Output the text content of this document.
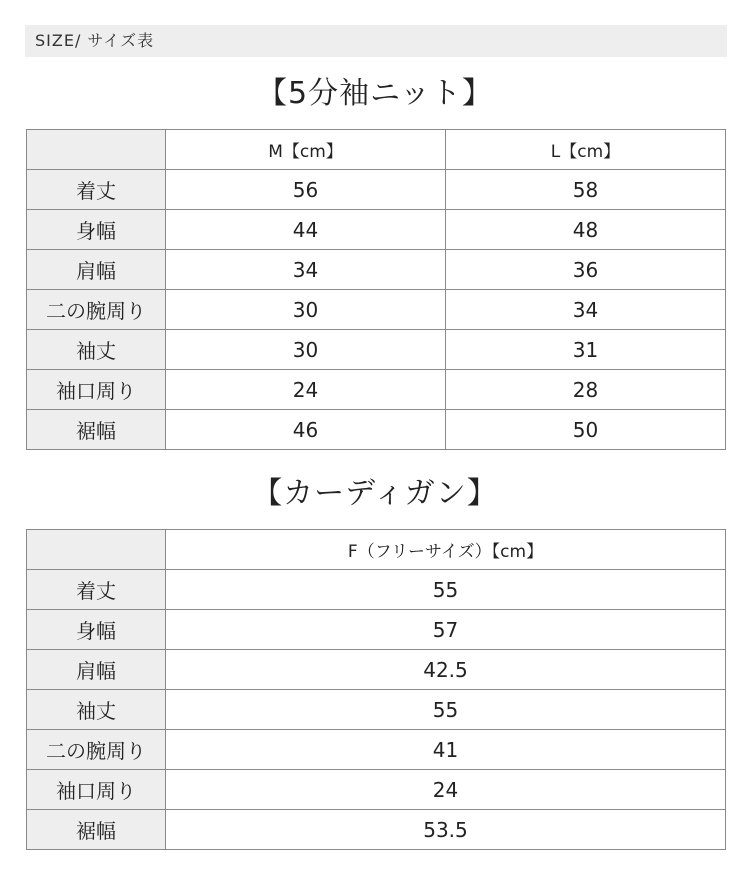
SIZE/ サイズ表
【5分袖ニット】
	M【cm】	L【cm】
着丈	56	58
身幅	44	48
肩幅	34	36
二の腕周り	30	34
袖丈	30	31
袖口周り	24	28
裾幅	46	50
【カーディガン】
	F（フリーサイズ）【cm】
着丈	55
身幅	57
肩幅	42.5
袖丈	55
二の腕周り	41
袖口周り	24
裾幅	53.5
